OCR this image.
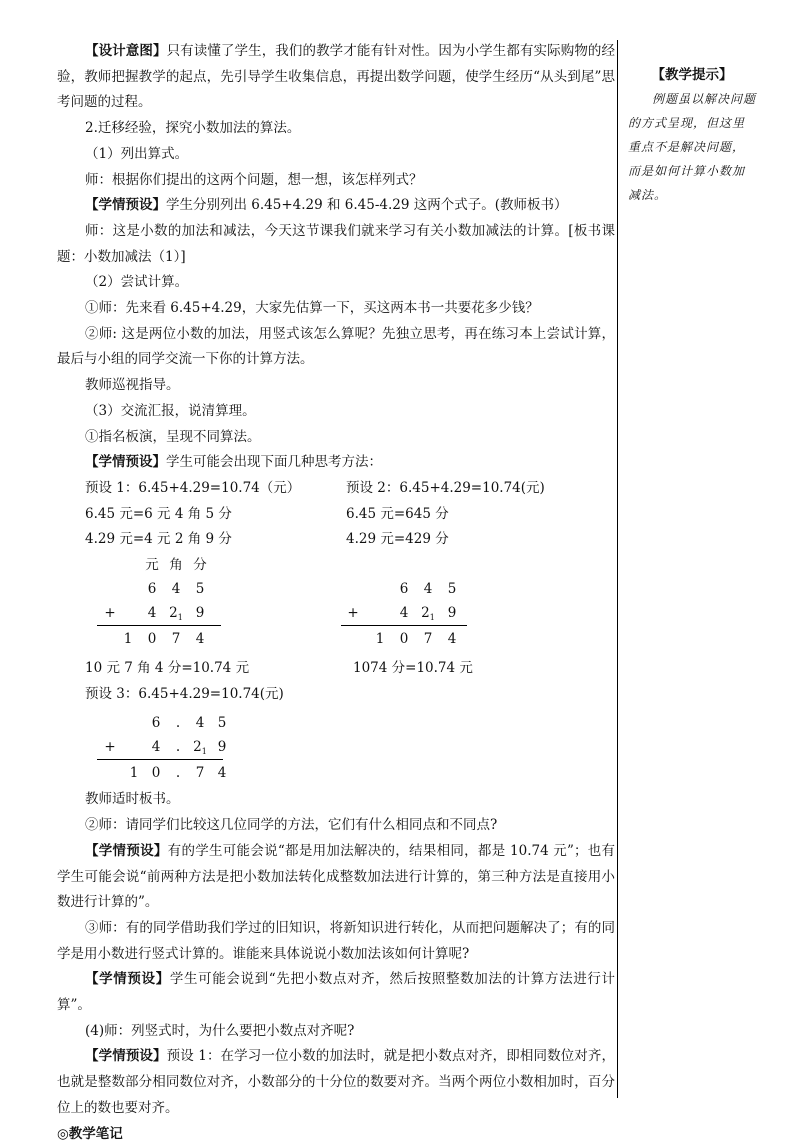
【设计意图】只有读懂了学生，我们的教学才能有针对性。因为小学生都有实际购物的经验，教师把握教学的起点，先引导学生收集信息，再提出数学问题，使学生经历“从头到尾”思考问题的过程。

2.迁移经验，探究小数加法的算法。

（1）列出算式。

师：根据你们提出的这两个问题，想一想，该怎样列式？

【学情预设】学生分别列出 6.45+4.29 和 6.45-4.29 这两个式子。(教师板书）

师：这是小数的加法和减法，今天这节课我们就来学习有关小数加减法的计算。[板书课题：小数加减法（1）]

（2）尝试计算。

①师：先来看 6.45+4.29，大家先估算一下，买这两本书一共要花多少钱？

②师: 这是两位小数的加法，用竖式该怎么算呢？先独立思考，再在练习本上尝试计算，最后与小组的同学交流一下你的计算方法。

教师巡视指导。

（3）交流汇报，说清算理。

①指名板演，呈现不同算法。

【学情预设】学生可能会出现下面几种思考方法：

预设 1：6.45+4.29=10.74（元）	预设 2：6.45+4.29=10.74(元)
6.45 元=6 元 4 角 5 分	6.45 元=645 分
4.29 元=4 元 2 角 9 分	4.29 元=429 分
元 角 分
6	4	5
+	4 $2_1$ 9
1	0	7	4
6	4	5
+	4 $2_1$ 9
1	0	7	4
10 元 7 角 4 分=10.74 元	1074 分=10.74 元

预设 3：6.45+4.29=10.74(元)

6	.	4 5
+	4	. $2_1$ 9
1 0	.	7 4

教师适时板书。

②师：请同学们比较这几位同学的方法，它们有什么相同点和不同点?

【学情预设】有的学生可能会说“都是用加法解决的，结果相同，都是 10.74 元”；也有学生可能会说“前两种方法是把小数加法转化成整数加法进行计算的，第三种方法是直接用小数进行计算的”。

③师：有的同学借助我们学过的旧知识，将新知识进行转化，从而把问题解决了；有的同学是用小数进行竖式计算的。谁能来具体说说小数加法该如何计算呢?

【学情预设】学生可能会说到“先把小数点对齐，然后按照整数加法的计算方法进行计算”。

(4)师：列竖式时，为什么要把小数点对齐呢?

【学情预设】预设 1：在学习一位小数的加法时，就是把小数点对齐，即相同数位对齐，也就是整数部分相同数位对齐，小数部分的十分位的数要对齐。当两个两位小数相加时，百分位上的数也要对齐。

◎教学笔记

【教学提示】

例题虽以解决问题的方式呈现，但这里重点不是解决问题，而是如何计算小数加减法。
